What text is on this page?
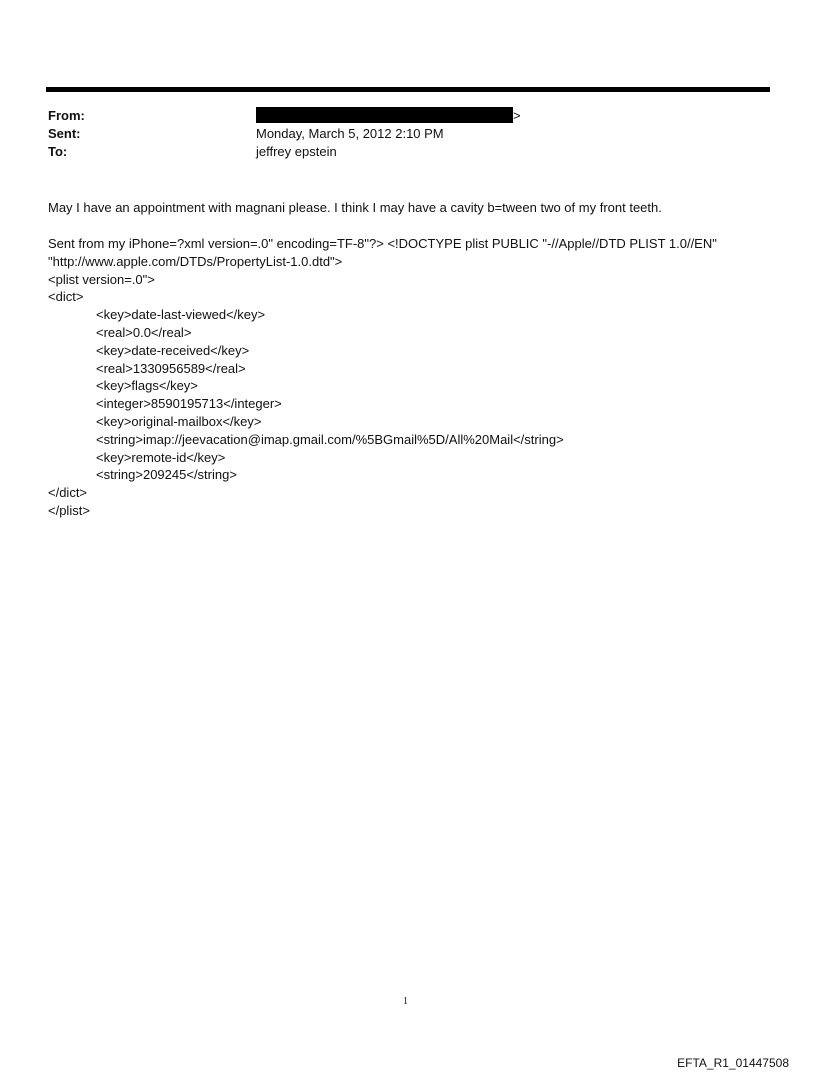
From:	>
Sent:	Monday, March 5, 2012 2:10 PM
To:	jeffrey epstein
May I have an appointment with magnani please. I think I may have a cavity b=tween two of my front teeth.
Sent from my iPhone=?xml version=.0" encoding=TF-8"?> <!DOCTYPE plist PUBLIC "-//Apple//DTD PLIST 1.0//EN"
"http://www.apple.com/DTDs/PropertyList-1.0.dtd">
<plist version=.0">
<dict>
<key>date-last-viewed</key>
<real>0.0</real>
<key>date-received</key>
<real>1330956589</real>
<key>flags</key>
<integer>8590195713</integer>
<key>original-mailbox</key>
<string>imap://jeevacation@imap.gmail.com/%5BGmail%5D/All%20Mail</string>
<key>remote-id</key>
<string>209245</string>
</dict>
</plist>
1
EFTA_R1_01447508
